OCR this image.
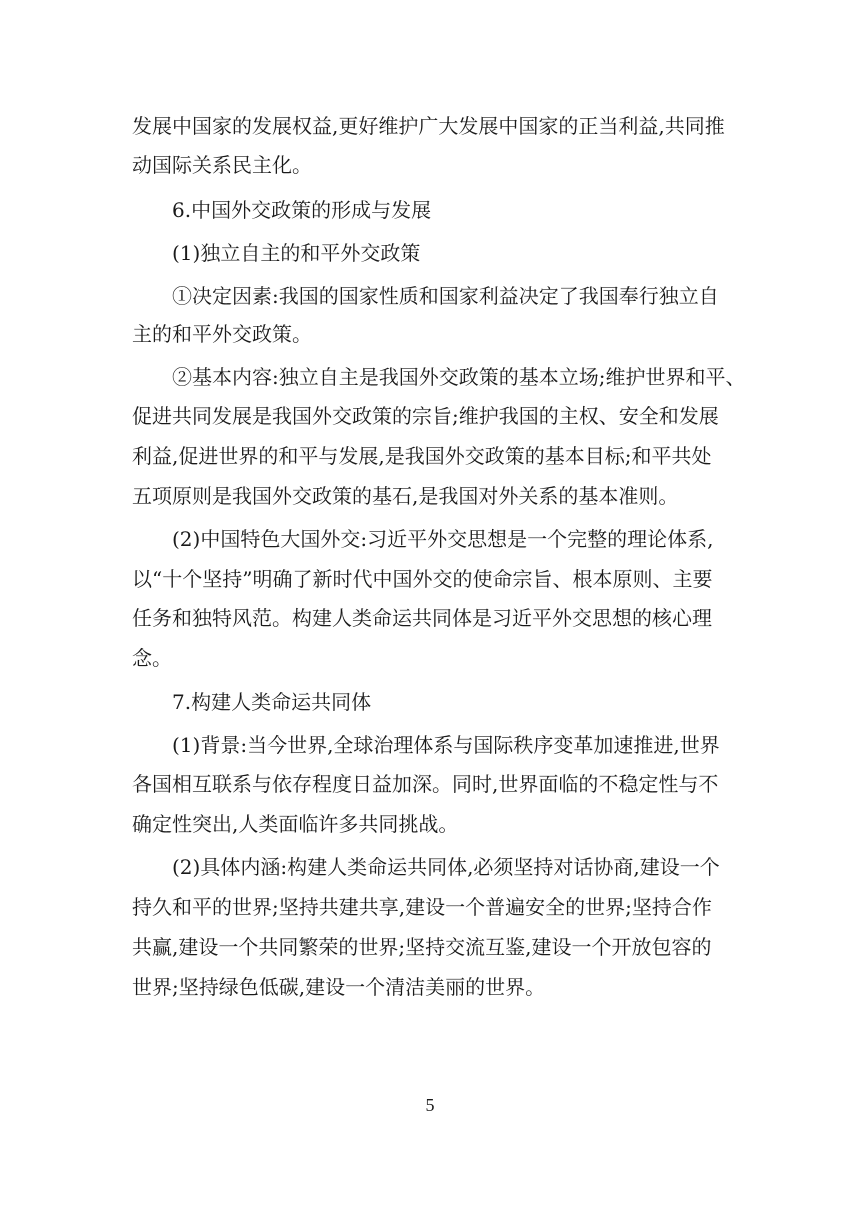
发展中国家的发展权益,更好维护广大发展中国家的正当利益,共同推
动国际关系民主化。
6.中国外交政策的形成与发展
(1)独立自主的和平外交政策
①决定因素:我国的国家性质和国家利益决定了我国奉行独立自
主的和平外交政策。
②基本内容:独立自主是我国外交政策的基本立场;维护世界和平、
促进共同发展是我国外交政策的宗旨;维护我国的主权、安全和发展
利益,促进世界的和平与发展,是我国外交政策的基本目标;和平共处
五项原则是我国外交政策的基石,是我国对外关系的基本准则。
(2)中国特色大国外交:习近平外交思想是一个完整的理论体系,
以“十个坚持”明确了新时代中国外交的使命宗旨、根本原则、主要
任务和独特风范。构建人类命运共同体是习近平外交思想的核心理
念。
7.构建人类命运共同体
(1)背景:当今世界,全球治理体系与国际秩序变革加速推进,世界
各国相互联系与依存程度日益加深。同时,世界面临的不稳定性与不
确定性突出,人类面临许多共同挑战。
(2)具体内涵:构建人类命运共同体,必须坚持对话协商,建设一个
持久和平的世界;坚持共建共享,建设一个普遍安全的世界;坚持合作
共赢,建设一个共同繁荣的世界;坚持交流互鉴,建设一个开放包容的
世界;坚持绿色低碳,建设一个清洁美丽的世界。
5
